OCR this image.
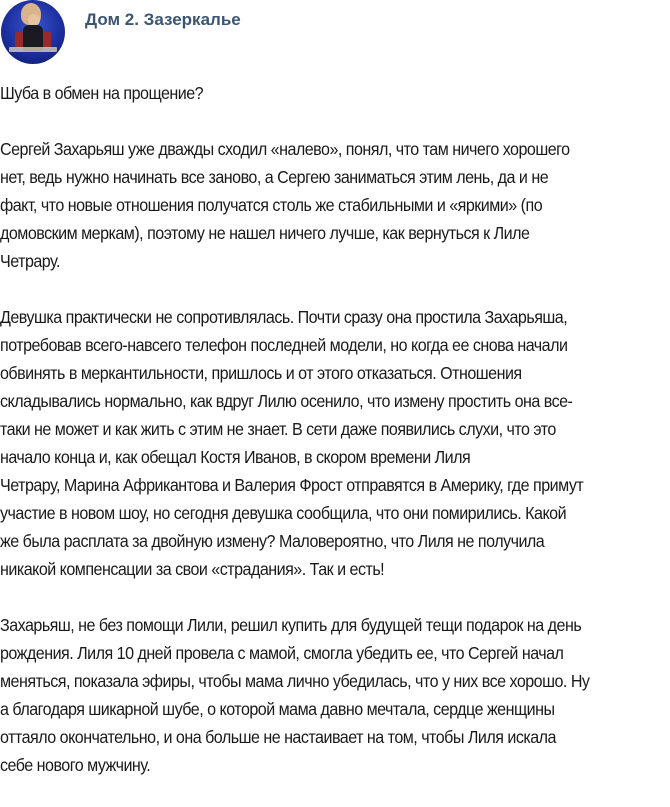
Дом 2. Зазеркалье

Шуба в обмен на прощение?

Сергей Захарьяш уже дважды сходил «налево», понял, что там ничего хорошего
нет, ведь нужно начинать все заново, а Сергею заниматься этим лень, да и не
факт, что новые отношения получатся столь же стабильными и «яркими» (по
домовским меркам), поэтому не нашел ничего лучше, как вернуться к Лиле
Четрару.

Девушка практически не сопротивлялась. Почти сразу она простила Захарьяша,
потребовав всего-навсего телефон последней модели, но когда ее снова начали
обвинять в меркантильности, пришлось и от этого отказаться. Отношения
складывались нормально, как вдруг Лилю осенило, что измену простить она все-
таки не может и как жить с этим не знает. В сети даже появились слухи, что это
начало конца и, как обещал Костя Иванов, в скором времени Лиля
Четрару, Марина Африкантова и Валерия Фрост отправятся в Америку, где примут
участие в новом шоу, но сегодня девушка сообщила, что они помирились. Какой
же была расплата за двойную измену? Маловероятно, что Лиля не получила
никакой компенсации за свои «страдания». Так и есть!

Захарьяш, не без помощи Лили, решил купить для будущей тещи подарок на день
рождения. Лиля 10 дней провела с мамой, смогла убедить ее, что Сергей начал
меняться, показала эфиры, чтобы мама лично убедилась, что у них все хорошо. Ну
а благодаря шикарной шубе, о которой мама давно мечтала, сердце женщины
оттаяло окончательно, и она больше не настаивает на том, чтобы Лиля искала
себе нового мужчину.
